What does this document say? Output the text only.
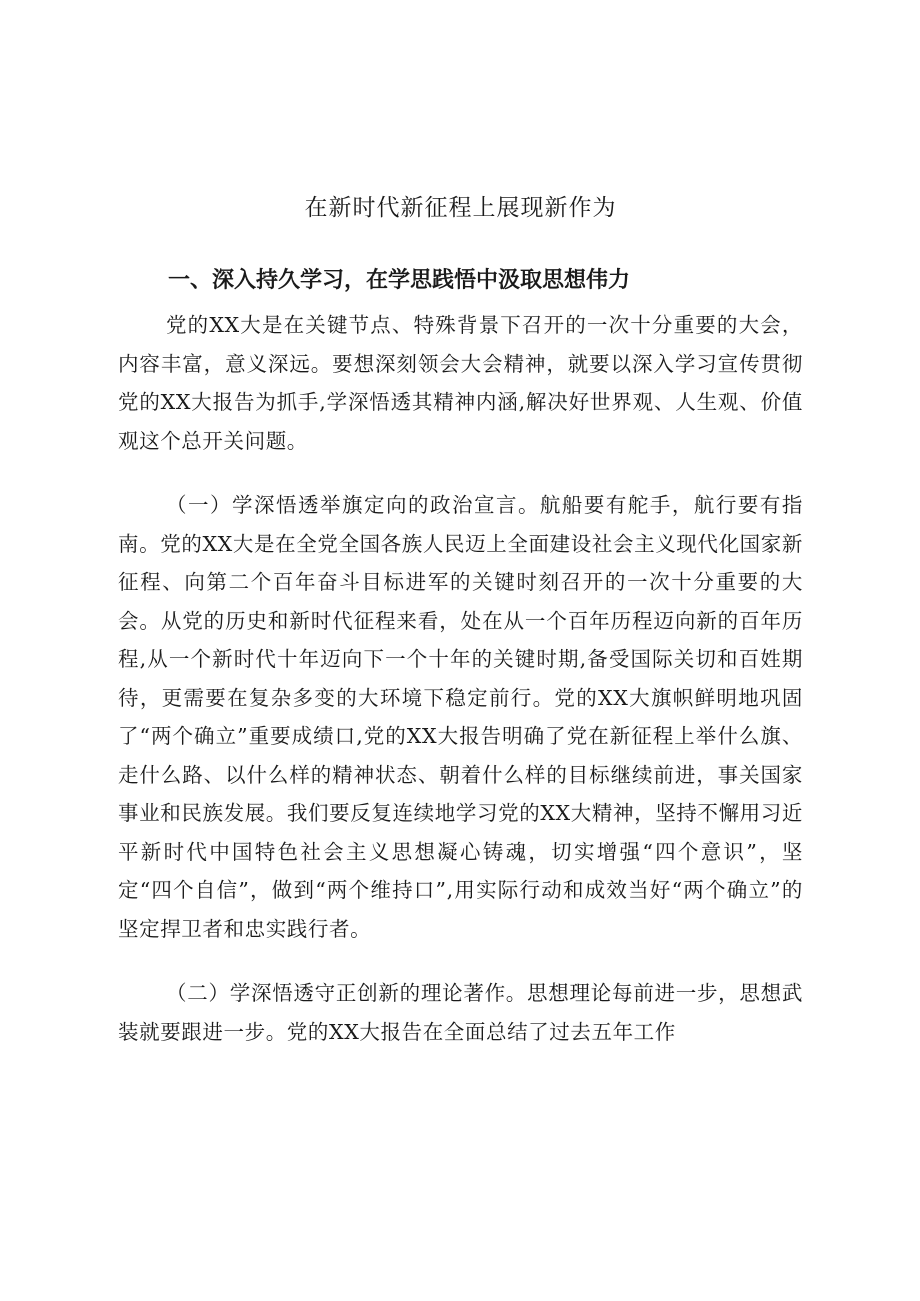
在新时代新征程上展现新作为
一、深入持久学习，在学思践悟中汲取思想伟力

党的XX大是在关键节点、特殊背景下召开的一次十分重要的大会，内容丰富，意义深远。要想深刻领会大会精神，就要以深入学习宣传贯彻党的XX大报告为抓手,学深悟透其精神内涵,解决好世界观、人生观、价值观这个总开关问题。

（一）学深悟透举旗定向的政治宣言。航船要有舵手，航行要有指南。党的XX大是在全党全国各族人民迈上全面建设社会主义现代化国家新征程、向第二个百年奋斗目标进军的关键时刻召开的一次十分重要的大会。从党的历史和新时代征程来看，处在从一个百年历程迈向新的百年历程,从一个新时代十年迈向下一个十年的关键时期,备受国际关切和百姓期待，更需要在复杂多变的大环境下稳定前行。党的XX大旗帜鲜明地巩固了“两个确立”重要成绩口,党的XX大报告明确了党在新征程上举什么旗、走什么路、以什么样的精神状态、朝着什么样的目标继续前进，事关国家事业和民族发展。我们要反复连续地学习党的XX大精神，坚持不懈用习近平新时代中国特色社会主义思想凝心铸魂，切实增强“四个意识”，坚定“四个自信”，做到“两个维持口”,用实际行动和成效当好“两个确立”的坚定捍卫者和忠实践行者。

（二）学深悟透守正创新的理论著作。思想理论每前进一步，思想武装就要跟进一步。党的XX大报告在全面总结了过去五年工作
